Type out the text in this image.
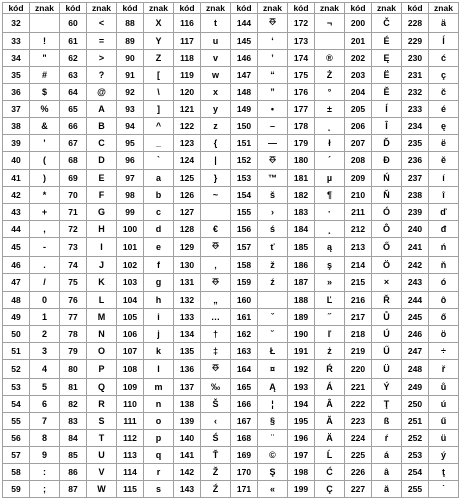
kód	znak	kód	znak	kód	znak	kód	znak	kód	znak	kód	znak	kód	znak	kód	znak
32		60	<	88	X	116	t	144	⎑	172	¬	200	Č	228	ä
33	!	61	=	89	Y	117	u	145	‘	173		201	É	229	ĺ
34	"	62	>	90	Z	118	v	146	’	174	®	202	Ę	230	ć
35	#	63	?	91	[	119	w	147	“	175	Ż	203	Ë	231	ç
36	$	64	@	92	\	120	x	148	”	176	°	204	Ě	232	č
37	%	65	A	93	]	121	y	149	•	177	±	205	Í	233	é
38	&	66	B	94	^	122	z	150	–	178	˛	206	Î	234	ę
39	'	67	C	95	_	123	{	151	—	179	ł	207	Ď	235	ë
40	(	68	D	96	`	124	|	152	⎑	180	´	208	Đ	236	ě
41	)	69	E	97	a	125	}	153	™	181	µ	209	Ń	237	í
42	*	70	F	98	b	126	~	154	š	182	¶	210	Ň	238	î
43	+	71	G	99	c	127		155	›	183	·	211	Ó	239	ď
44	,	72	H	100	d	128	€	156	ś	184	¸	212	Ô	240	đ
45	-	73	I	101	e	129	⎑	157	ť	185	ą	213	Ő	241	ń
46	.	74	J	102	f	130	‚	158	ž	186	ş	214	Ö	242	ň
47	/	75	K	103	g	131	⎑	159	ź	187	»	215	×	243	ó
48	0	76	L	104	h	132	„	160		188	Ľ	216	Ř	244	ô
49	1	77	M	105	i	133	…	161	ˇ	189	˝	217	Ů	245	ő
50	2	78	N	106	j	134	†	162	˘	190	ľ	218	Ú	246	ö
51	3	79	O	107	k	135	‡	163	Ł	191	ż	219	Ű	247	÷
52	4	80	P	108	l	136	⎑	164	¤	192	Ŕ	220	Ü	248	ř
53	5	81	Q	109	m	137	‰	165	Ą	193	Á	221	Ý	249	ů
54	6	82	R	110	n	138	Š	166	¦	194	Â	222	Ţ	250	ú
55	7	83	S	111	o	139	‹	167	§	195	Ă	223	ß	251	ű
56	8	84	T	112	p	140	Ś	168	¨	196	Ä	224	ŕ	252	ü
57	9	85	U	113	q	141	Ť	169	©	197	Ĺ	225	á	253	ý
58	:	86	V	114	r	142	Ž	170	Ş	198	Ć	226	â	254	ţ
59	;	87	W	115	s	143	Ź	171	«	199	Ç	227	ă	255	˙
